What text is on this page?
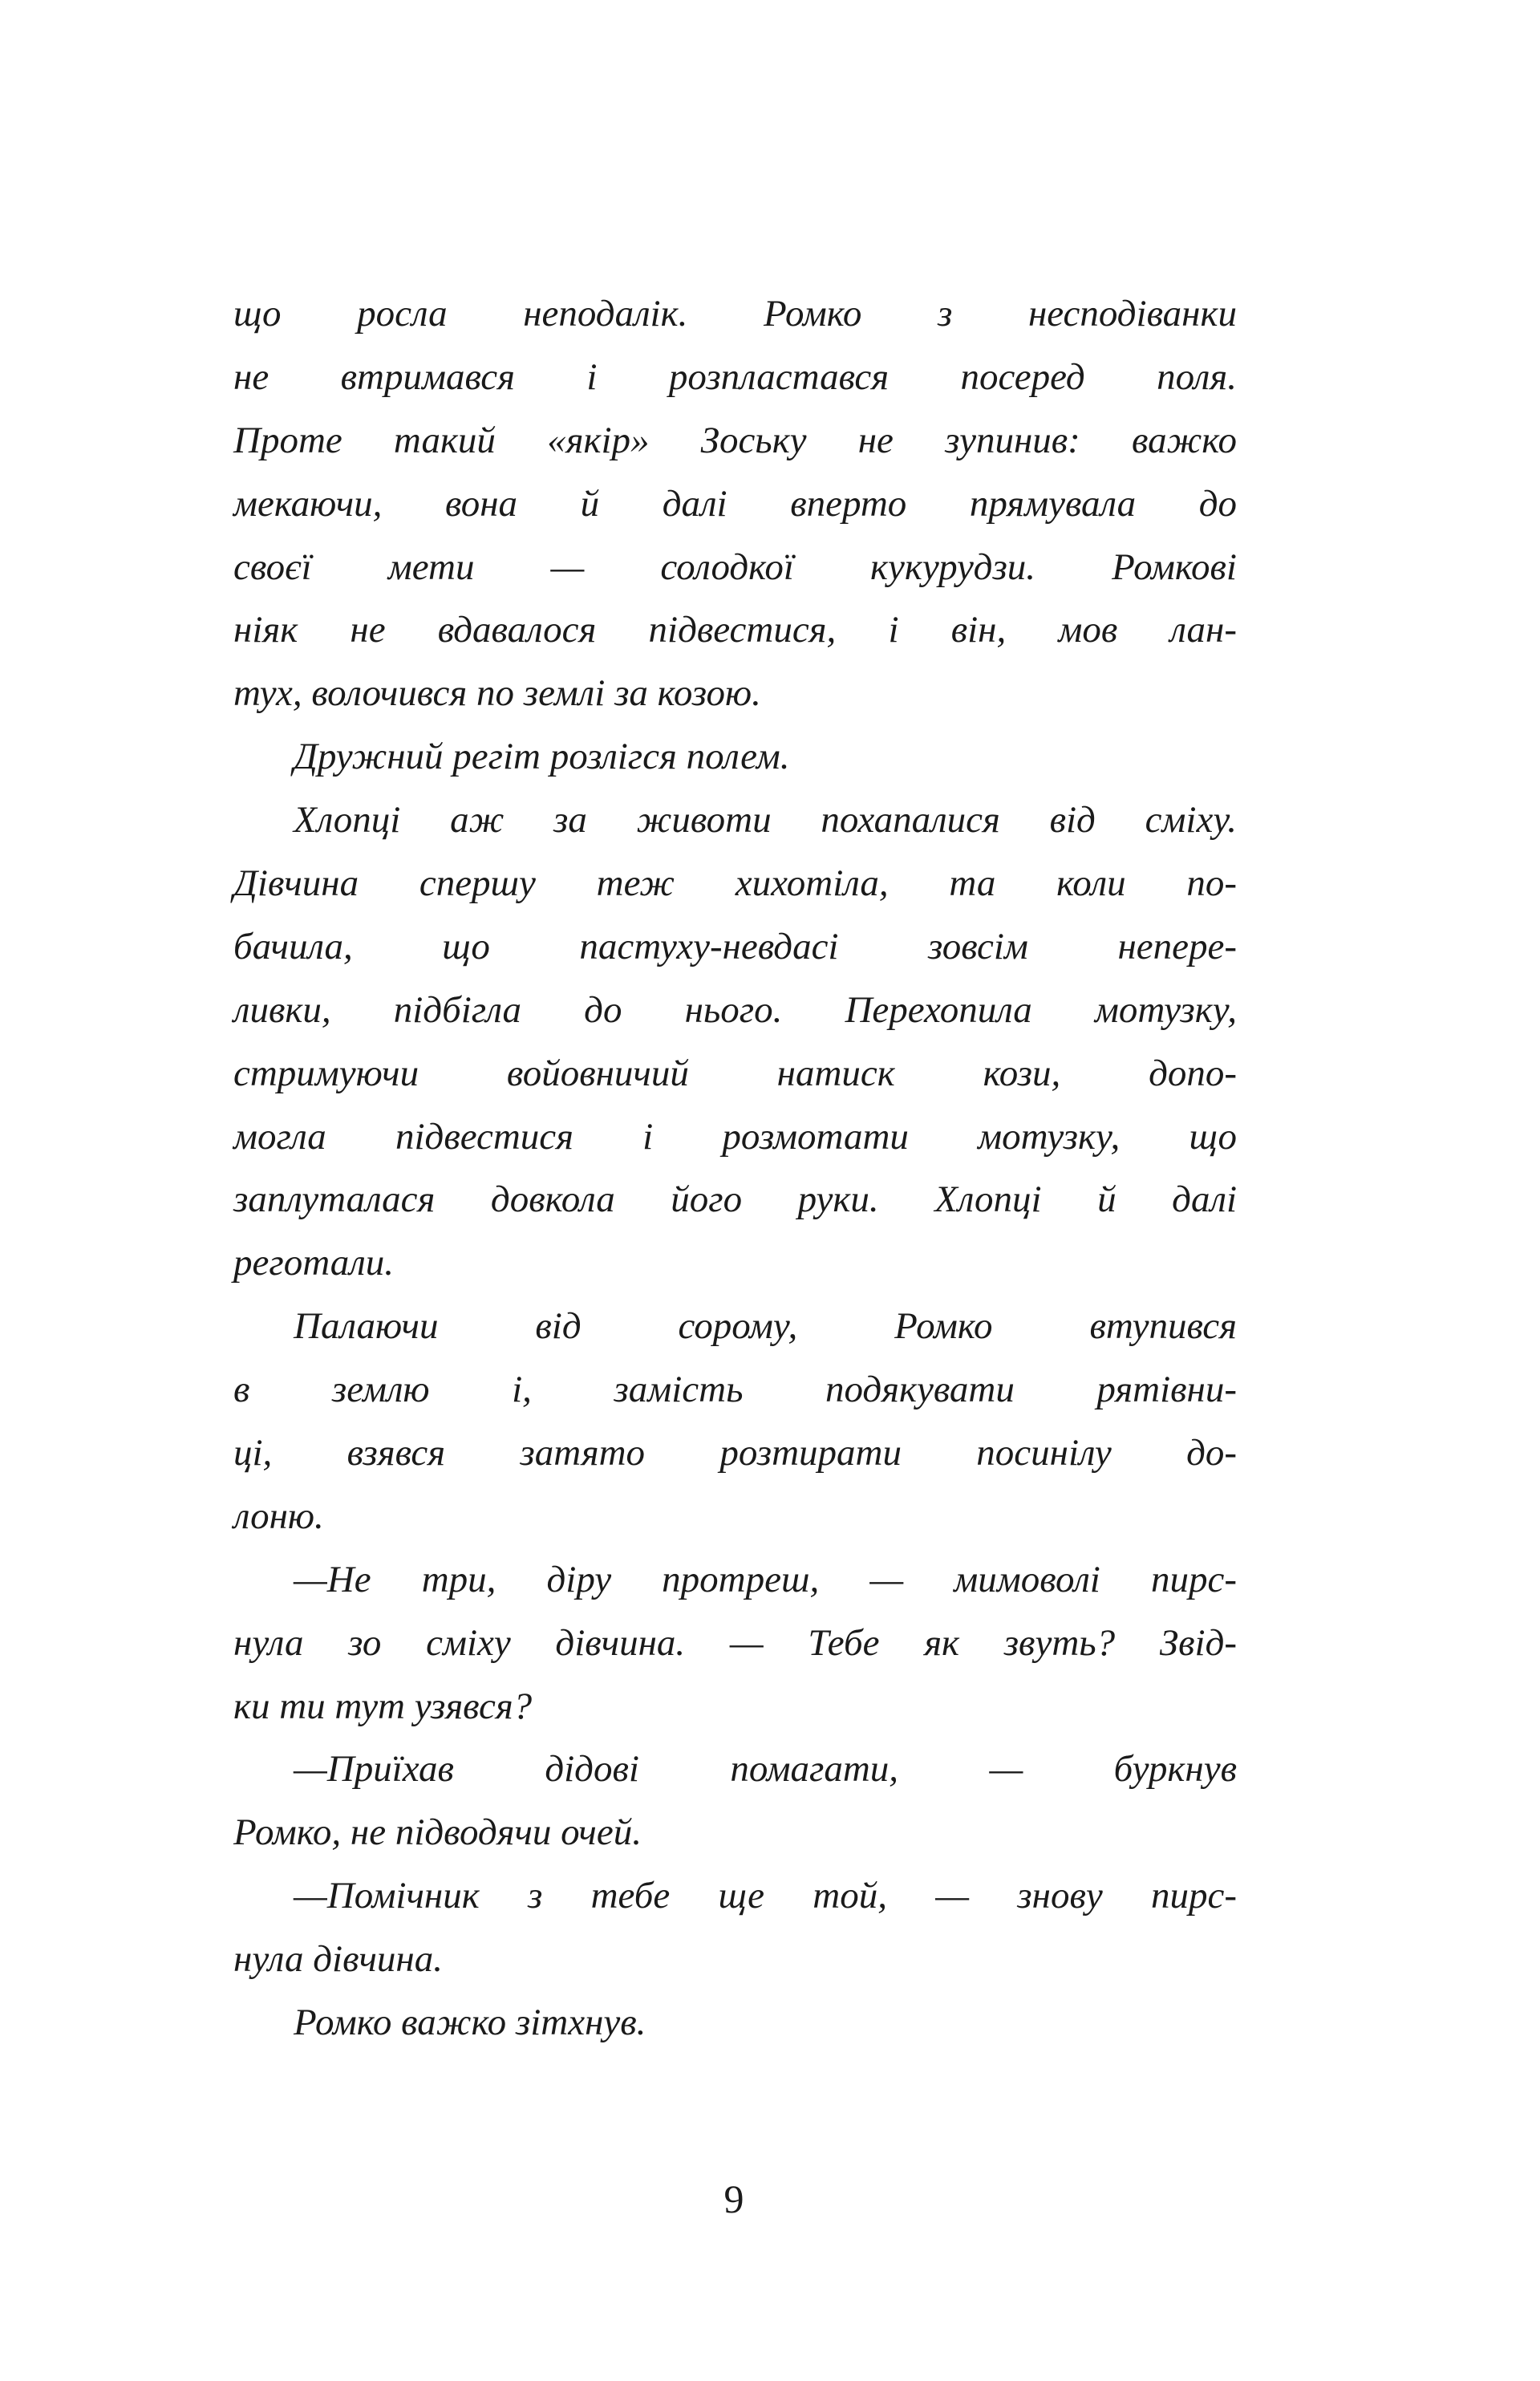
що росла неподалік. Ромко з несподіванки
не втримався і розпластався посеред поля.
Проте такий «якір» Зоську не зупинив: важко
мекаючи, вона й далі вперто прямувала до
своєї мети — солодкої кукурудзи. Ромкові
ніяк не вдавалося підвестися, і він, мов лан-
тух, волочився по землі за козою.
Дружний регіт розлігся полем.
Хлопці аж за животи похапалися від сміху.
Дівчина спершу теж хихотіла, та коли по-
бачила, що пастуху-невдасі зовсім непере-
ливки, підбігла до нього. Перехопила мотузку,
стримуючи войовничий натиск кози, допо-
могла підвестися і розмотати мотузку, що
заплуталася довкола його руки. Хлопці й далі
реготали.
Палаючи від сорому, Ромко втупився
в землю і, замість подякувати рятівни-
ці, взявся затято розтирати посинілу до-
лоню.
—Не три, діру протреш, — мимоволі пирс-
нула зо сміху дівчина. — Тебе як звуть? Звід-
ки ти тут узявся?
—Приїхав дідові помагати, — буркнув
Ромко, не підводячи очей.
—Помічник з тебе ще той, — знову пирс-
нула дівчина.
Ромко важко зітхнув.
9
